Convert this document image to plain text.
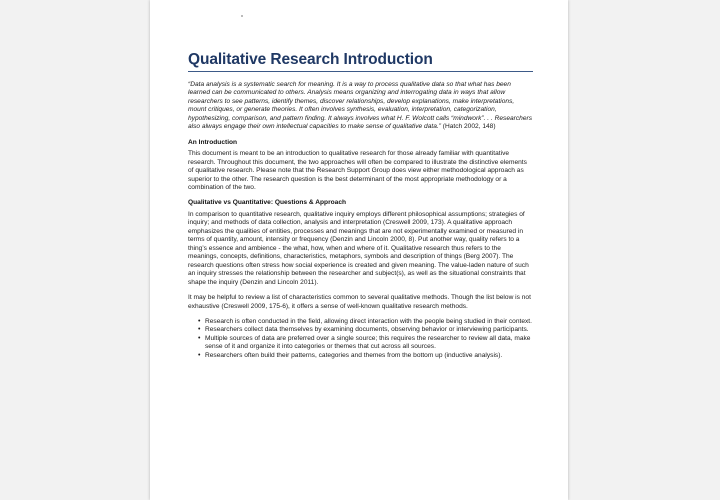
Qualitative Research Introduction

“Data analysis is a systematic search for meaning. It is a way to process qualitative data so that what has been learned can be communicated to others. Analysis means organizing and interrogating data in ways that allow researchers to see patterns, identify themes, discover relationships, develop explanations, make interpretations, mount critiques, or generate theories. It often involves synthesis, evaluation, interpretation, categorization, hypothesizing, comparison, and pattern finding. It always involves what H. F. Wolcott calls “mindwork”. . . Researchers also always engage their own intellectual capacities to make sense of qualitative data.” (Hatch 2002, 148)

An Introduction

This document is meant to be an introduction to qualitative research for those already familiar with quantitative research. Throughout this document, the two approaches will often be compared to illustrate the distinctive elements of qualitative research. Please note that the Research Support Group does view either methodological approach as superior to the other. The research question is the best determinant of the most appropriate methodology or a combination of the two.

Qualitative vs Quantitative: Questions & Approach

In comparison to quantitative research, qualitative inquiry employs different philosophical assumptions; strategies of inquiry; and methods of data collection, analysis and interpretation (Creswell 2009, 173). A qualitative approach emphasizes the qualities of entities, processes and meanings that are not experimentally examined or measured in terms of quantity, amount, intensity or frequency (Denzin and Lincoln 2000, 8). Put another way, quality refers to a thing’s essence and ambience - the what, how, when and where of it. Qualitative research thus refers to the meanings, concepts, definitions, characteristics, metaphors, symbols and description of things (Berg 2007). The research questions often stress how social experience is created and given meaning. The value-laden nature of such an inquiry stresses the relationship between the researcher and subject(s), as well as the situational constraints that shape the inquiry (Denzin and Lincoln 2011).

It may be helpful to review a list of characteristics common to several qualitative methods. Though the list below is not exhaustive (Creswell 2009, 175-6), it offers a sense of well-known qualitative research methods.

• Research is often conducted in the field, allowing direct interaction with the people being studied in their context.
• Researchers collect data themselves by examining documents, observing behavior or interviewing participants.
• Multiple sources of data are preferred over a single source; this requires the researcher to review all data, make sense of it and organize it into categories or themes that cut across all sources.
• Researchers often build their patterns, categories and themes from the bottom up (inductive analysis).
